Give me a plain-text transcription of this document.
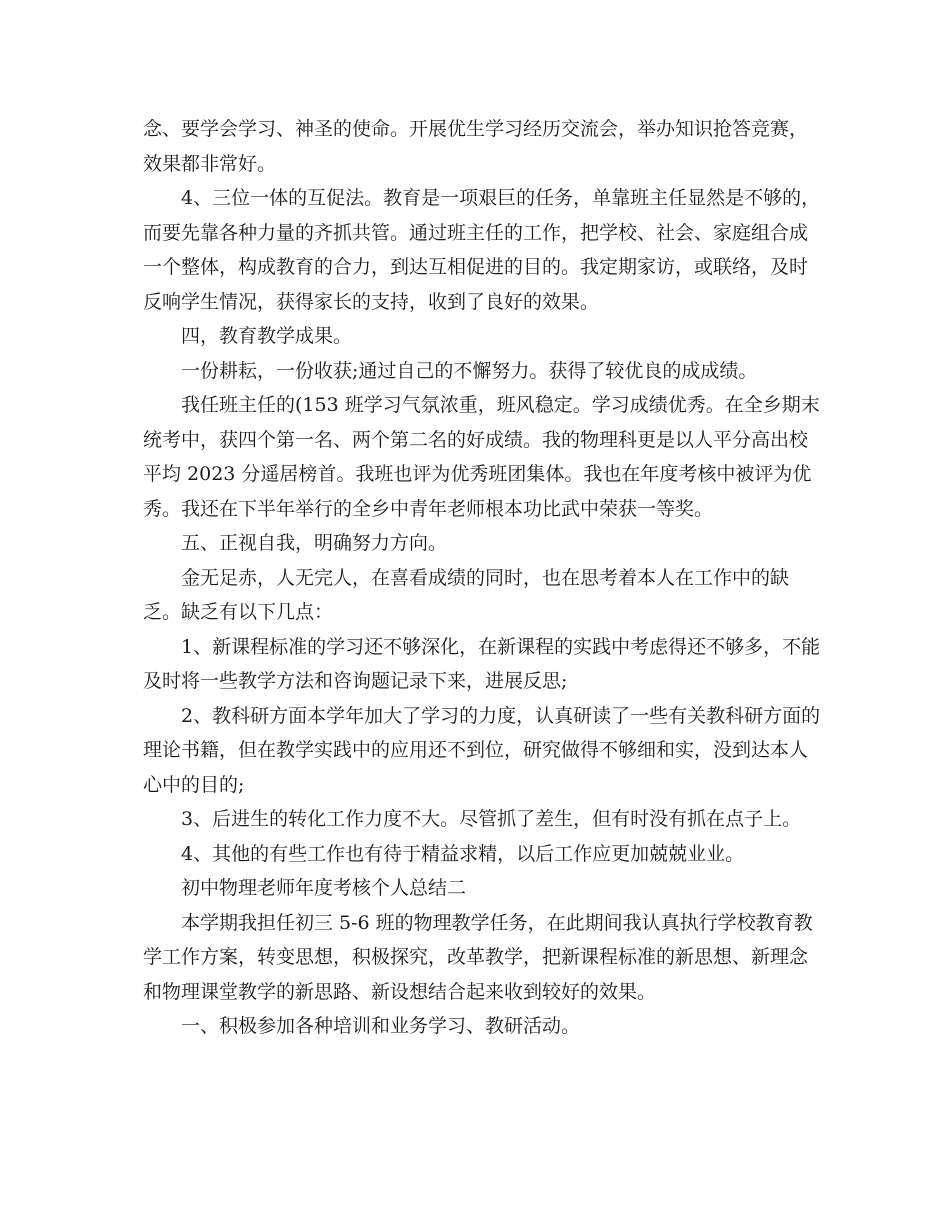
念、要学会学习、神圣的使命。开展优生学习经历交流会，举办知识抢答竞赛，
效果都非常好。
4、三位一体的互促法。教育是一项艰巨的任务，单靠班主任显然是不够的，
而要先靠各种力量的齐抓共管。通过班主任的工作，把学校、社会、家庭组合成
一个整体，构成教育的合力，到达互相促进的目的。我定期家访，或联络，及时
反响学生情况，获得家长的支持，收到了良好的效果。
四，教育教学成果。
一份耕耘，一份收获;通过自己的不懈努力。获得了较优良的成成绩。
我任班主任的(153 班学习气氛浓重，班风稳定。学习成绩优秀。在全乡期末
统考中，获四个第一名、两个第二名的好成绩。我的物理科更是以人平分高出校
平均 2023 分遥居榜首。我班也评为优秀班团集体。我也在年度考核中被评为优
秀。我还在下半年举行的全乡中青年老师根本功比武中荣获一等奖。
五、正视自我，明确努力方向。
金无足赤，人无完人，在喜看成绩的同时，也在思考着本人在工作中的缺
乏。缺乏有以下几点：
1、新课程标准的学习还不够深化，在新课程的实践中考虑得还不够多，不能
及时将一些教学方法和咨询题记录下来，进展反思;
2、教科研方面本学年加大了学习的力度，认真研读了一些有关教科研方面的
理论书籍，但在教学实践中的应用还不到位，研究做得不够细和实，没到达本人
心中的目的;
3、后进生的转化工作力度不大。尽管抓了差生，但有时没有抓在点子上。
4、其他的有些工作也有待于精益求精，以后工作应更加兢兢业业。
初中物理老师年度考核个人总结二
本学期我担任初三 5-6 班的物理教学任务，在此期间我认真执行学校教育教
学工作方案，转变思想，积极探究，改革教学，把新课程标准的新思想、新理念
和物理课堂教学的新思路、新设想结合起来收到较好的效果。
一、积极参加各种培训和业务学习、教研活动。
